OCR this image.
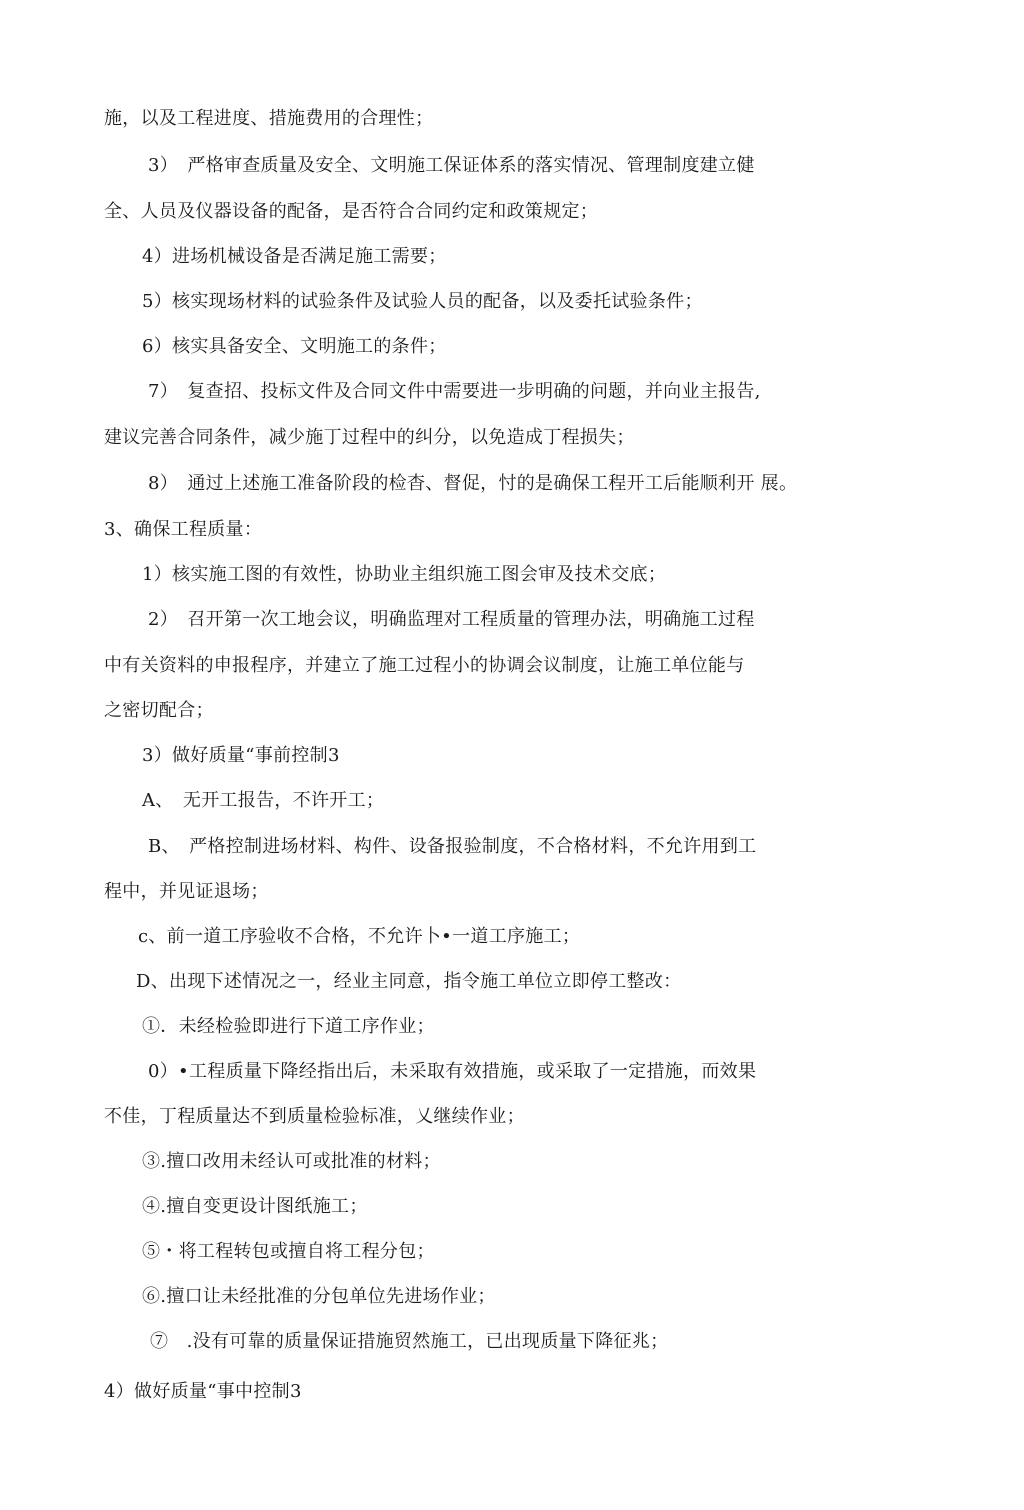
施，以及工程进度、措施费用的合理性；
3）　严格审查质量及安全、文明施工保证体系的落实情况、管理制度建立健
全、人员及仪器设备的配备，是否符合合同约定和政策规定；
4）进场机械设备是否满足施工需要；
5）核实现场材料的试验条件及试验人员的配备，以及委托试验条件；
6）核实具备安全、文明施工的条件；
7）　复查招、投标文件及合同文件中需要进一步明确的问题，并向业主报告,
建议完善合同条件，减少施丁过程中的纠分，以免造成丁程损失；
8）　通过上述施工准备阶段的检杳、督促，忖的是确保工程开工后能顺利开 展。
3、确保工程质量：
1）核实施工图的有效性，协助业主组织施工图会审及技术交底；
2）　召开第一次工地会议，明确监理对工程质量的管理办法，明确施工过程
中有关资料的申报程序，并建立了施工过程小的协调会议制度，让施工单位能与
之密切配合；
3）做好质量“事前控制3
A、　无开工报告，不许开工；
B、　严格控制进场材料、构件、设备报验制度，不合格材料，不允许用到工
程中，并见证退场；
c、前一道工序验收不合格，不允许卜•一道工序施工；
D、出现下述情况之一，经业主同意，指令施工单位立即停工整改：
①．未经检验即进行下道工序作业；
0）•工程质量下降经指出后，未采取有效措施，或采取了一定措施，而效果
不佳，丁程质量达不到质量检验标准，乂继续作业；
③.擅口改用未经认可或批准的材料；
④.擅自变更设计图纸施工；
⑤・将工程转包或擅自将工程分包；
⑥.擅口让未经批准的分包单位先进场作业；
⑦　.没有可靠的质量保证措施贸然施工，已出现质量下降征兆；
4）做好质量“事中控制3
